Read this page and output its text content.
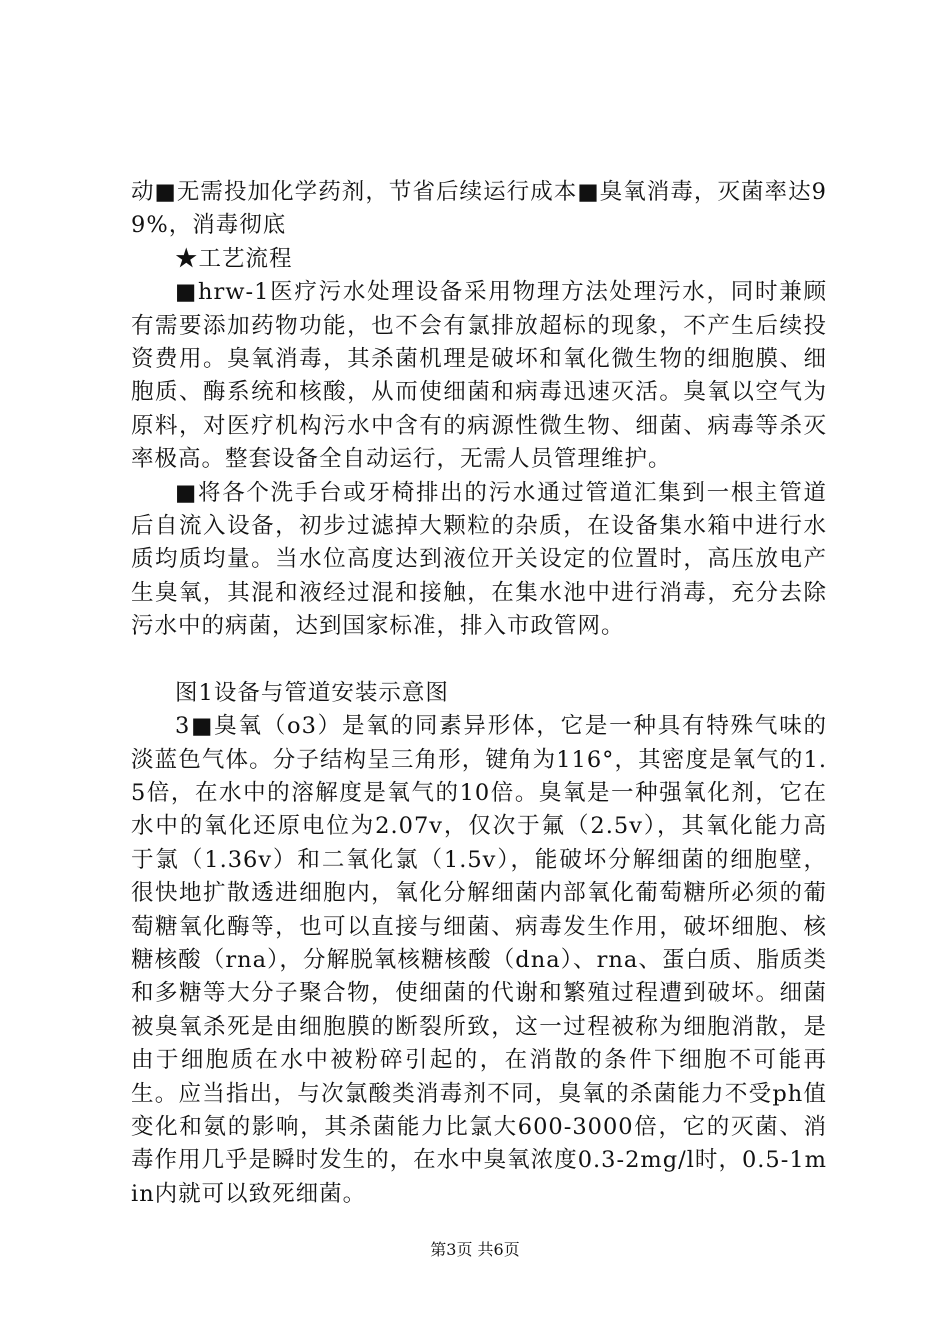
动■无需投加化学药剂，节省后续运行成本■臭氧消毒，灭菌率达99%，消毒彻底

★工艺流程

■hrw-1医疗污水处理设备采用物理方法处理污水，同时兼顾有需要添加药物功能，也不会有氯排放超标的现象，不产生后续投资费用。臭氧消毒，其杀菌机理是破坏和氧化微生物的细胞膜、细胞质、酶系统和核酸，从而使细菌和病毒迅速灭活。臭氧以空气为原料，对医疗机构污水中含有的病源性微生物、细菌、病毒等杀灭率极高。整套设备全自动运行，无需人员管理维护。

■将各个洗手台或牙椅排出的污水通过管道汇集到一根主管道后自流入设备，初步过滤掉大颗粒的杂质，在设备集水箱中进行水质均质均量。当水位高度达到液位开关设定的位置时，高压放电产生臭氧，其混和液经过混和接触，在集水池中进行消毒，充分去除污水中的病菌，达到国家标准，排入市政管网。

图1设备与管道安装示意图

3■臭氧（o3）是氧的同素异形体，它是一种具有特殊气味的淡蓝色气体。分子结构呈三角形，键角为116°，其密度是氧气的1.5倍，在水中的溶解度是氧气的10倍。臭氧是一种强氧化剂，它在水中的氧化还原电位为2.07v，仅次于氟（2.5v），其氧化能力高于氯（1.36v）和二氧化氯（1.5v），能破坏分解细菌的细胞壁，很快地扩散透进细胞内，氧化分解细菌内部氧化葡萄糖所必须的葡萄糖氧化酶等，也可以直接与细菌、病毒发生作用，破坏细胞、核糖核酸（rna），分解脱氧核糖核酸（dna）、rna、蛋白质、脂质类和多糖等大分子聚合物，使细菌的代谢和繁殖过程遭到破坏。细菌被臭氧杀死是由细胞膜的断裂所致，这一过程被称为细胞消散，是由于细胞质在水中被粉碎引起的，在消散的条件下细胞不可能再生。应当指出，与次氯酸类消毒剂不同，臭氧的杀菌能力不受ph值变化和氨的影响，其杀菌能力比氯大600-3000倍，它的灭菌、消毒作用几乎是瞬时发生的，在水中臭氧浓度0.3-2mg/l时，0.5-1min内就可以致死细菌。

第3页 共6页
